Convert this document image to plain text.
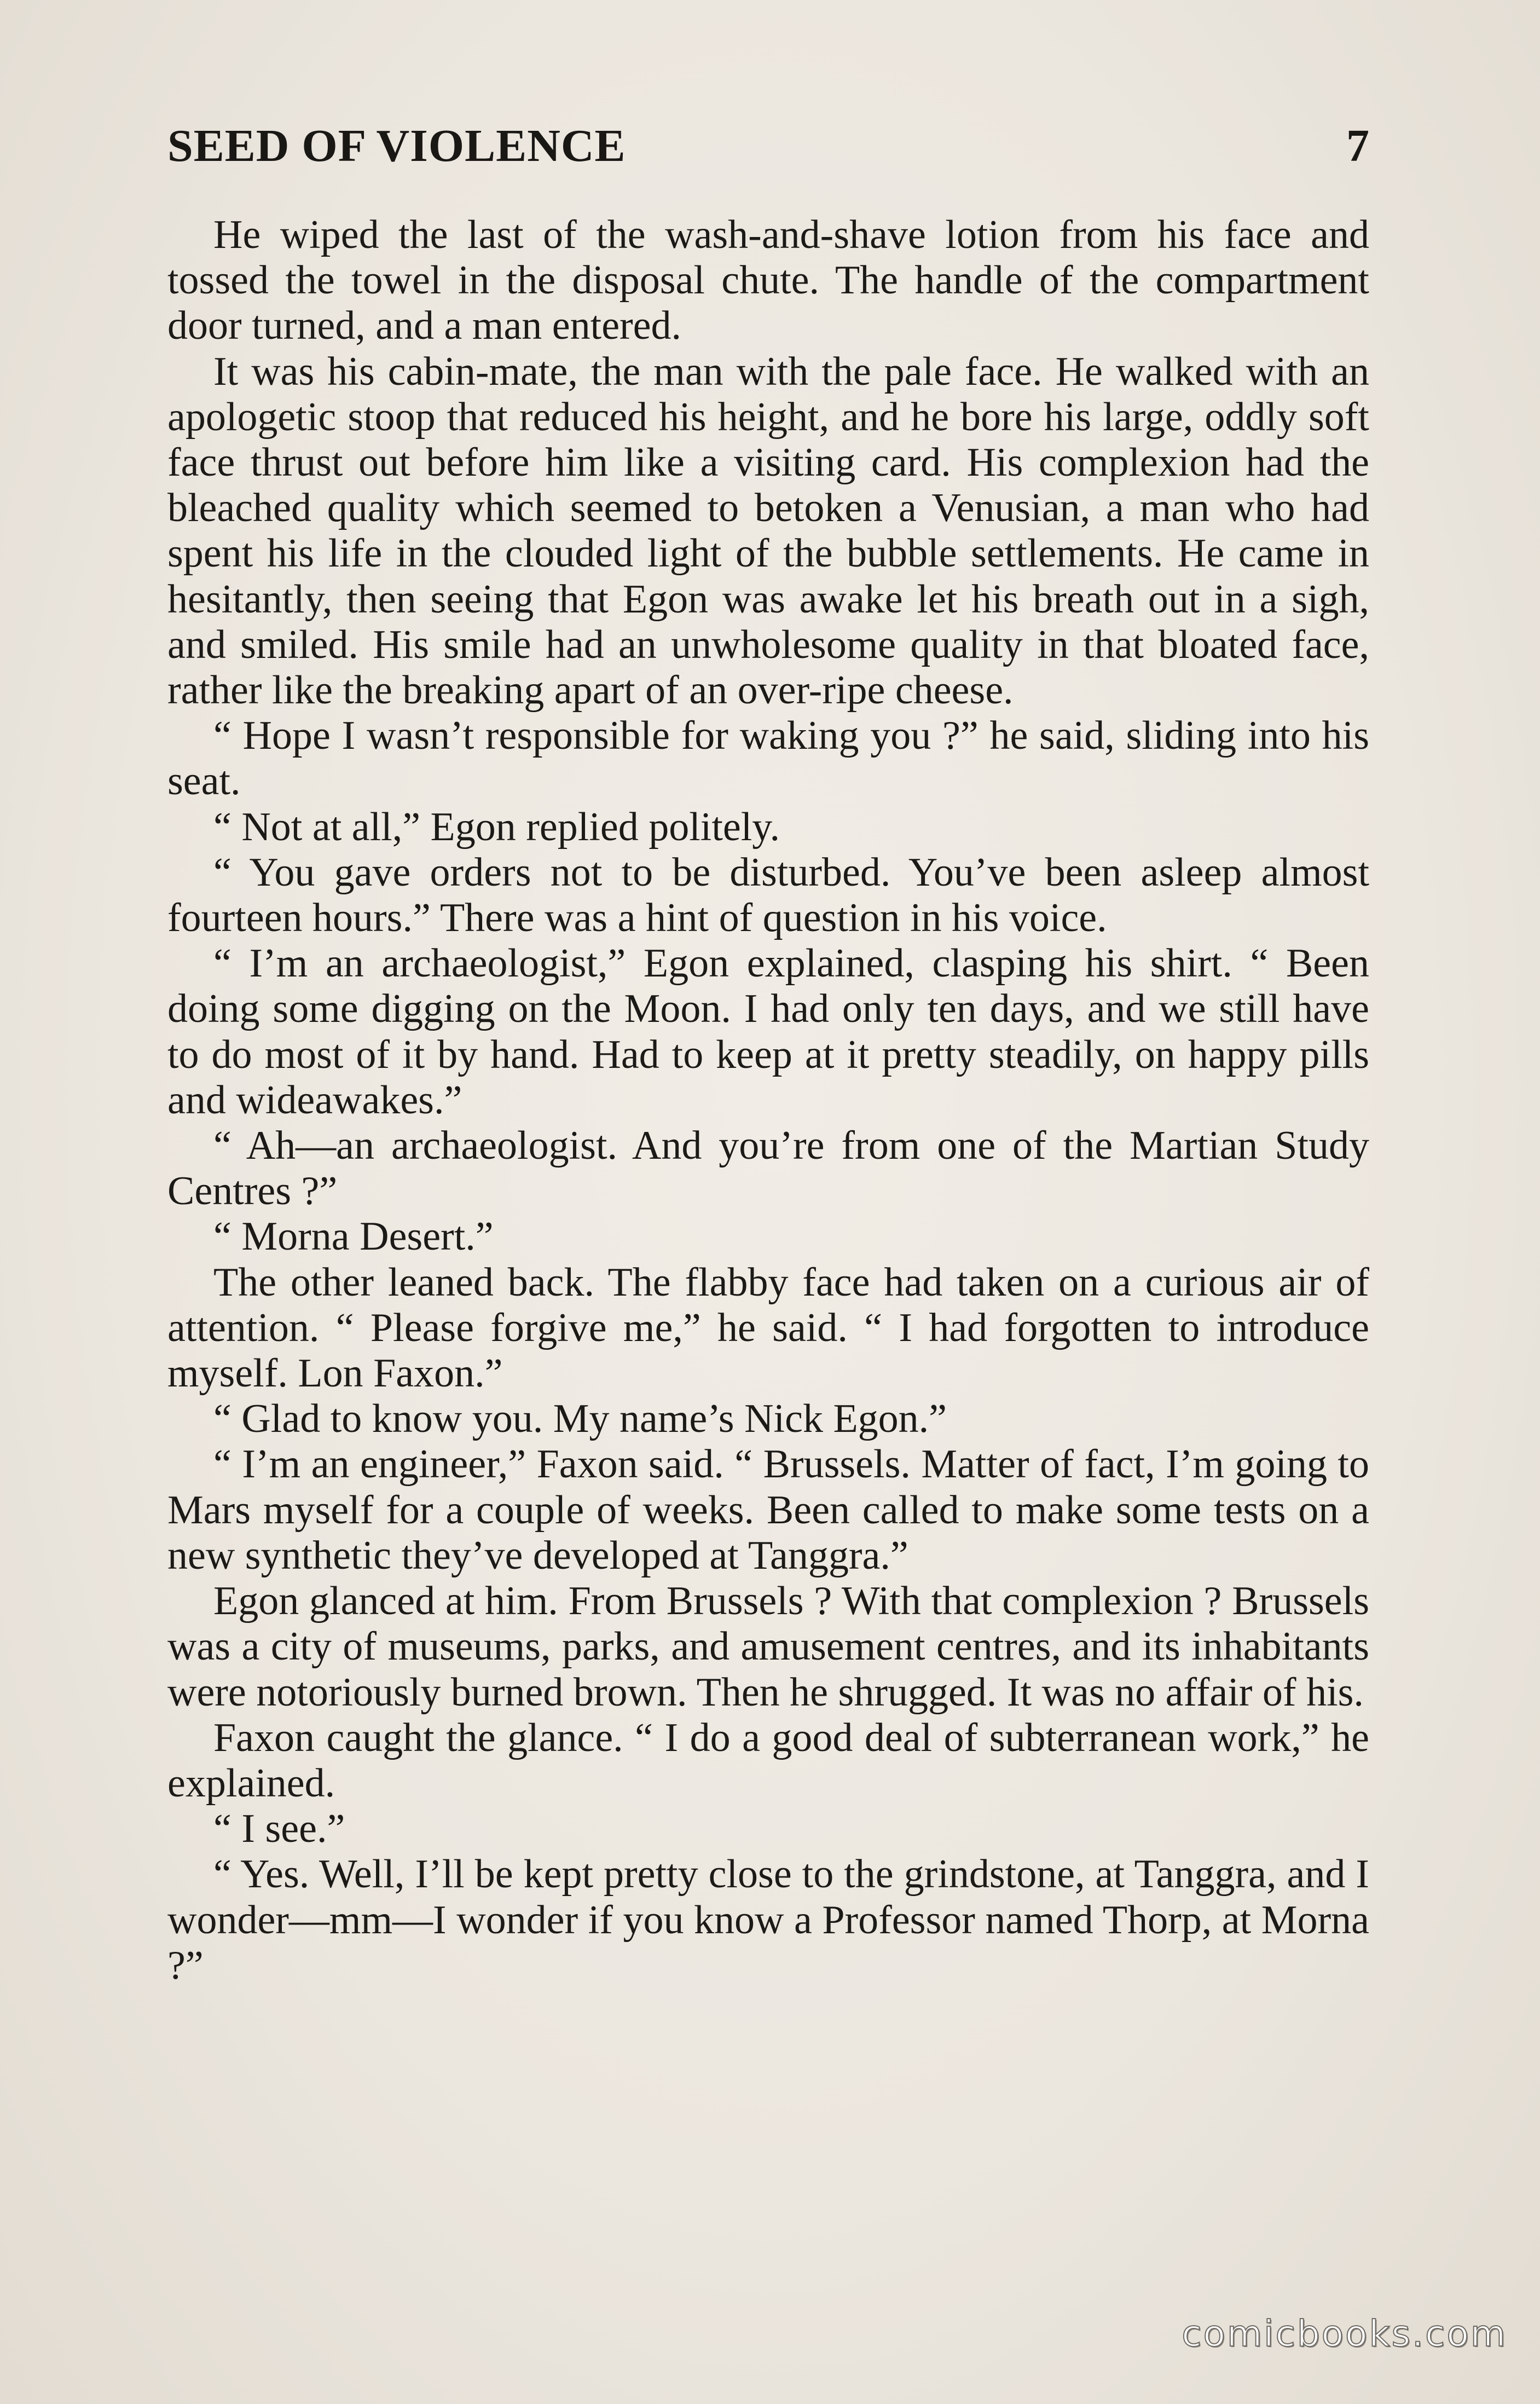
SEED OF VIOLENCE	7

He wiped the last of the wash-and-shave lotion from his face and tossed the towel in the disposal chute. The handle of the compartment door turned, and a man entered.

It was his cabin-mate, the man with the pale face. He walked with an apologetic stoop that reduced his height, and he bore his large, oddly soft face thrust out before him like a visiting card. His complexion had the bleached quality which seemed to betoken a Venusian, a man who had spent his life in the clouded light of the bubble settlements. He came in hesitantly, then seeing that Egon was awake let his breath out in a sigh, and smiled. His smile had an unwholesome quality in that bloated face, rather like the breaking apart of an over-ripe cheese.

“ Hope I wasn’t responsible for waking you ?” he said, sliding into his seat.

“ Not at all,” Egon replied politely.

“ You gave orders not to be disturbed. You’ve been asleep almost fourteen hours.” There was a hint of question in his voice.

“ I’m an archaeologist,” Egon explained, clasping his shirt. “ Been doing some digging on the Moon. I had only ten days, and we still have to do most of it by hand. Had to keep at it pretty steadily, on happy pills and wideawakes.”

“ Ah—an archaeologist. And you’re from one of the Martian Study Centres ?”

“ Morna Desert.”

The other leaned back. The flabby face had taken on a curious air of attention. “ Please forgive me,” he said. “ I had forgotten to introduce myself. Lon Faxon.”

“ Glad to know you. My name’s Nick Egon.”

“ I’m an engineer,” Faxon said. “ Brussels. Matter of fact, I’m going to Mars myself for a couple of weeks. Been called to make some tests on a new synthetic they’ve developed at Tanggra.”

Egon glanced at him. From Brussels ? With that complexion ? Brussels was a city of museums, parks, and amusement centres, and its inhabitants were notoriously burned brown. Then he shrugged. It was no affair of his.

Faxon caught the glance. “ I do a good deal of subterranean work,” he explained.

“ I see.”

“ Yes. Well, I’ll be kept pretty close to the grindstone, at Tanggra, and I wonder—mm—I wonder if you know a Professor named Thorp, at Morna ?”

comicbooks.com
